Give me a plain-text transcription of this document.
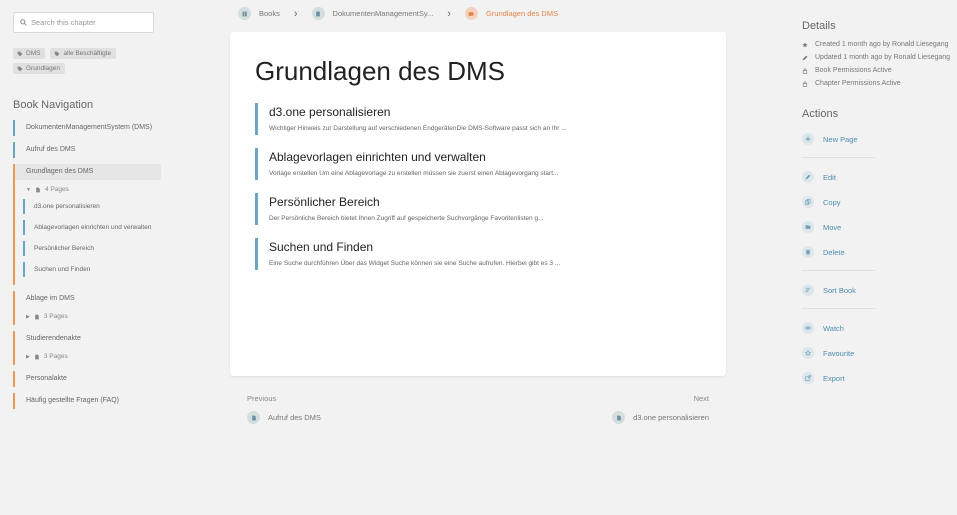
Search this chapter
DMS	alle Beschäftigte
Grundlagen
Book Navigation
DokumentenManagementSystem (DMS)
Aufruf des DMS
Grundlagen des DMS
▼ 4 Pages
d3.one personalisieren
Ablagevorlagen einrichten und verwalten
Persönlicher Bereich
Suchen und Finden
Ablage im DMS
▶ 3 Pages
Studierendenakte
▶ 3 Pages
Personalakte
Häufig gestellte Fragen (FAQ)
Books ›	DokumentenManagementSy... ›	Grundlagen des DMS
Grundlagen des DMS
d3.one personalisieren
Wichtiger Hinweis zur Darstellung auf verschiedenen EndgerätenDie DMS-Software passt sich an Ihr ...
Ablagevorlagen einrichten und verwalten
Vorlage erstellen Um eine Ablagevorlage zu erstellen müssen sie zuerst einen Ablagevorgang start...
Persönlicher Bereich
Der Persönliche Bereich bietet Ihnen Zugriff auf gespeicherte Suchvorgänge Favoritenlisten g...
Suchen und Finden
Eine Suche durchführen Über das Widget Suche können sie eine Suche aufrufen. Hierbei gibt es 3 ...
Previous	Next
Aufruf des DMS	d3.one personalisieren
Details
Created 1 month ago by Ronald Liesegang
Updated 1 month ago by Ronald Liesegang
Book Permissions Active
Chapter Permissions Active
Actions
New Page
Edit
Copy
Move
Delete
Sort Book
Watch
Favourite
Export
